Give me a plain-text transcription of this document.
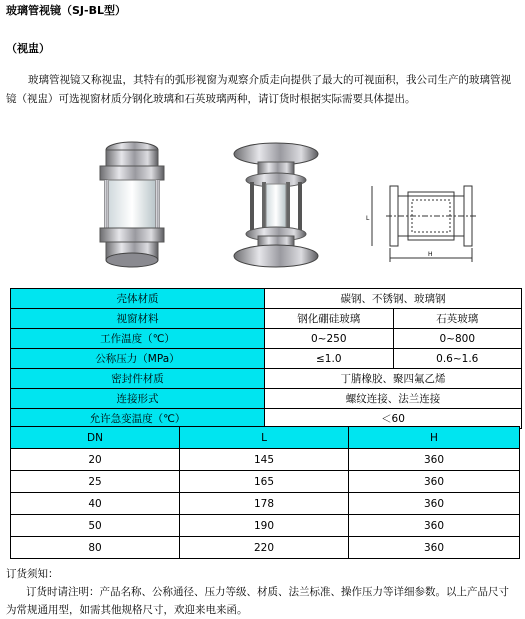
玻璃管视镜（SJ-BL型）
（视盅）
玻璃管视镜又称视盅，其特有的弧形视窗为观察介质走向提供了最大的可视面积，我公司生产的玻璃管视镜（视盅）可选视窗材质分钢化玻璃和石英玻璃两种，请订货时根据实际需要具体提出。
L
H
壳体材质	碳钢、不锈钢、玻璃钢	
视窗材料	钢化硼硅玻璃	石英玻璃
工作温度（℃）	0~250	0~800
公称压力（MPa）	≤1.0	0.6~1.6
密封件材质	丁腈橡胶、聚四氟乙烯	
连接形式	螺纹连接、法兰连接	
允许急变温度（℃）	＜60	
DN	L	H
20	145	360
25	165	360
40	178	360
50	190	360
80	220	360
订货须知：
订货时请注明：产品名称、公称通径、压力等级、材质、法兰标准、操作压力等详细参数。以上产品尺寸为常规通用型，如需其他规格尺寸，欢迎来电来函。
